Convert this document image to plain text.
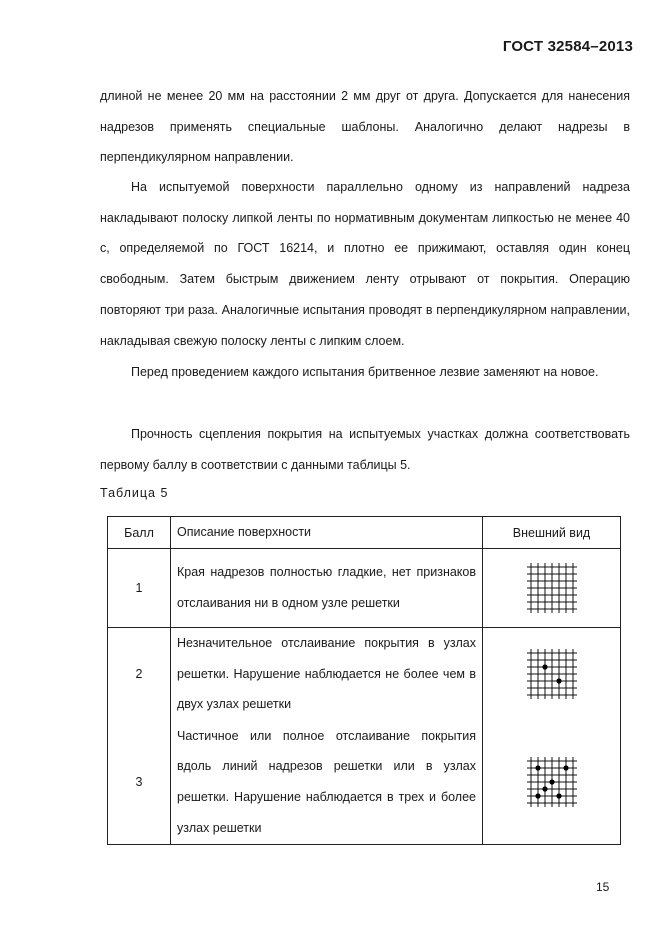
ГОСТ 32584–2013

длиной не менее 20 мм на расстоянии 2 мм друг от друга. Допускается для нанесения надрезов применять специальные шаблоны. Аналогично делают надрезы в перпендикулярном направлении.

На испытуемой поверхности параллельно одному из направлений надреза накладывают полоску липкой ленты по нормативным документам липкостью не менее 40 с, определяемой по ГОСТ 16214, и плотно ее прижимают, оставляя один конец свободным. Затем быстрым движением ленту отрывают от покрытия. Операцию повторяют три раза. Аналогичные испытания проводят в перпендикулярном направлении, накладывая свежую полоску ленты с липким слоем.

Перед проведением каждого испытания бритвенное лезвие заменяют на новое.

Прочность сцепления покрытия на испытуемых участках должна соответствовать первому баллу в соответствии с данными таблицы 5.

Таблица 5
Балл	Описание поверхности	Внешний вид
1	Края надрезов полностью гладкие, нет признаков отслаивания ни в одном узле решетки	

2	Незначительное отслаивание покрытия в узлах решетки. Нарушение наблюдается не более чем в двух узлах решетки	

3	Частичное или полное отслаивание покрытия вдоль линий надрезов решетки или в узлах решетки. Нарушение наблюдается в трех и более узлах решетки	
15
